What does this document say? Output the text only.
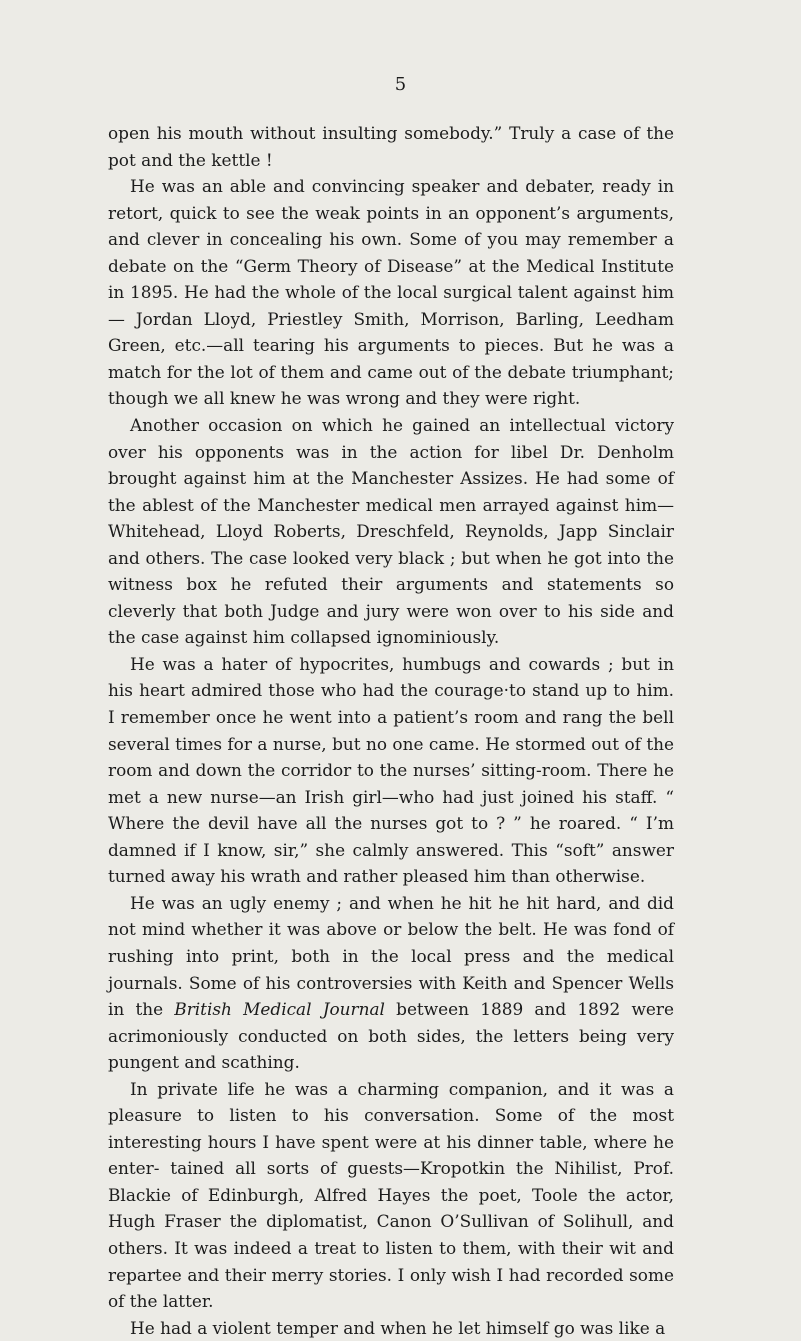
5

open his mouth without insulting somebody.” Truly a case of the pot and the kettle !

He was an able and convincing speaker and debater, ready in retort, quick to see the weak points in an opponent’s arguments, and clever in concealing his own. Some of you may remember a debate on the “Germ Theory of Disease” at the Medical Institute in 1895. He had the whole of the local surgical talent against him— Jordan Lloyd, Priestley Smith, Morrison, Barling, Leedham Green, etc.—all tearing his arguments to pieces. But he was a match for the lot of them and came out of the debate triumphant; though we all knew he was wrong and they were right.

Another occasion on which he gained an intellectual victory over his opponents was in the action for libel Dr. Denholm brought against him at the Manchester Assizes. He had some of the ablest of the Manchester medical men arrayed against him—Whitehead, Lloyd Roberts, Dreschfeld, Reynolds, Japp Sinclair and others. The case looked very black ; but when he got into the witness box he refuted their arguments and statements so cleverly that both Judge and jury were won over to his side and the case against him collapsed ignominiously.

He was a hater of hypocrites, humbugs and cowards ; but in his heart admired those who had the courage·to stand up to him. I remember once he went into a patient’s room and rang the bell several times for a nurse, but no one came. He stormed out of the room and down the corridor to the nurses’ sitting-room. There he met a new nurse—an Irish girl—who had just joined his staff. “ Where the devil have all the nurses got to ? ” he roared. “ I’m damned if I know, sir,” she calmly answered. This “soft” answer turned away his wrath and rather pleased him than otherwise.

He was an ugly enemy ; and when he hit he hit hard, and did not mind whether it was above or below the belt. He was fond of rushing into print, both in the local press and the medical journals. Some of his controversies with Keith and Spencer Wells in the British Medical Journal between 1889 and 1892 were acrimoniously conducted on both sides, the letters being very pungent and scathing.

In private life he was a charming companion, and it was a pleasure to listen to his conversation. Some of the most interesting hours I have spent were at his dinner table, where he enter- tained all sorts of guests—Kropotkin the Nihilist, Prof. Blackie of Edinburgh, Alfred Hayes the poet, Toole the actor, Hugh Fraser the diplomatist, Canon O’Sullivan of Solihull, and others. It was indeed a treat to listen to them, with their wit and repartee and their merry stories. I only wish I had recorded some of the latter.

He had a violent temper and when he let himself go was like a
